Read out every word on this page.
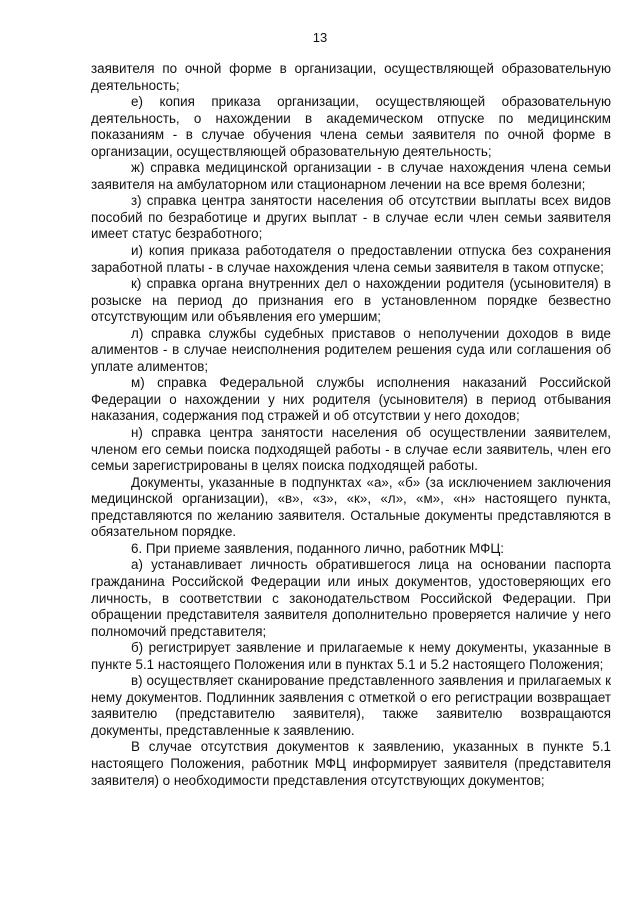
13

заявителя по очной форме в организации, осуществляющей образовательную деятельность;

е) копия приказа организации, осуществляющей образовательную деятельность, о нахождении в академическом отпуске по медицинским показаниям - в случае обучения члена семьи заявителя по очной форме в организации, осуществляющей образовательную деятельность;

ж) справка медицинской организации - в случае нахождения члена семьи заявителя на амбулаторном или стационарном лечении на все время болезни;

з) справка центра занятости населения об отсутствии выплаты всех видов пособий по безработице и других выплат - в случае если член семьи заявителя имеет статус безработного;

и) копия приказа работодателя о предоставлении отпуска без сохранения заработной платы - в случае нахождения члена семьи заявителя в таком отпуске;

к) справка органа внутренних дел о нахождении родителя (усыновителя) в розыске на период до признания его в установленном порядке безвестно отсутствующим или объявления его умершим;

л) справка службы судебных приставов о неполучении доходов в виде алиментов - в случае неисполнения родителем решения суда или соглашения об уплате алиментов;

м) справка Федеральной службы исполнения наказаний Российской Федерации о нахождении у них родителя (усыновителя) в период отбывания наказания, содержания под стражей и об отсутствии у него доходов;

н) справка центра занятости населения об осуществлении заявителем, членом его семьи поиска подходящей работы - в случае если заявитель, член его семьи зарегистрированы в целях поиска подходящей работы.

Документы, указанные в подпунктах «а», «б» (за исключением заключения медицинской организации), «в», «з», «к», «л», «м», «н» настоящего пункта, представляются по желанию заявителя. Остальные документы представляются в обязательном порядке.

6. При приеме заявления, поданного лично, работник МФЦ:

а) устанавливает личность обратившегося лица на основании паспорта гражданина Российской Федерации или иных документов, удостоверяющих его личность, в соответствии с законодательством Российской Федерации. При обращении представителя заявителя дополнительно проверяется наличие у него полномочий представителя;

б) регистрирует заявление и прилагаемые к нему документы, указанные в пункте 5.1 настоящего Положения или в пунктах 5.1 и 5.2 настоящего Положения;

в) осуществляет сканирование представленного заявления и прилагаемых к нему документов. Подлинник заявления с отметкой о его регистрации возвращает заявителю (представителю заявителя), также заявителю возвращаются документы, представленные к заявлению.

В случае отсутствия документов к заявлению, указанных в пункте 5.1 настоящего Положения, работник МФЦ информирует заявителя (представителя заявителя) о необходимости представления отсутствующих документов;
